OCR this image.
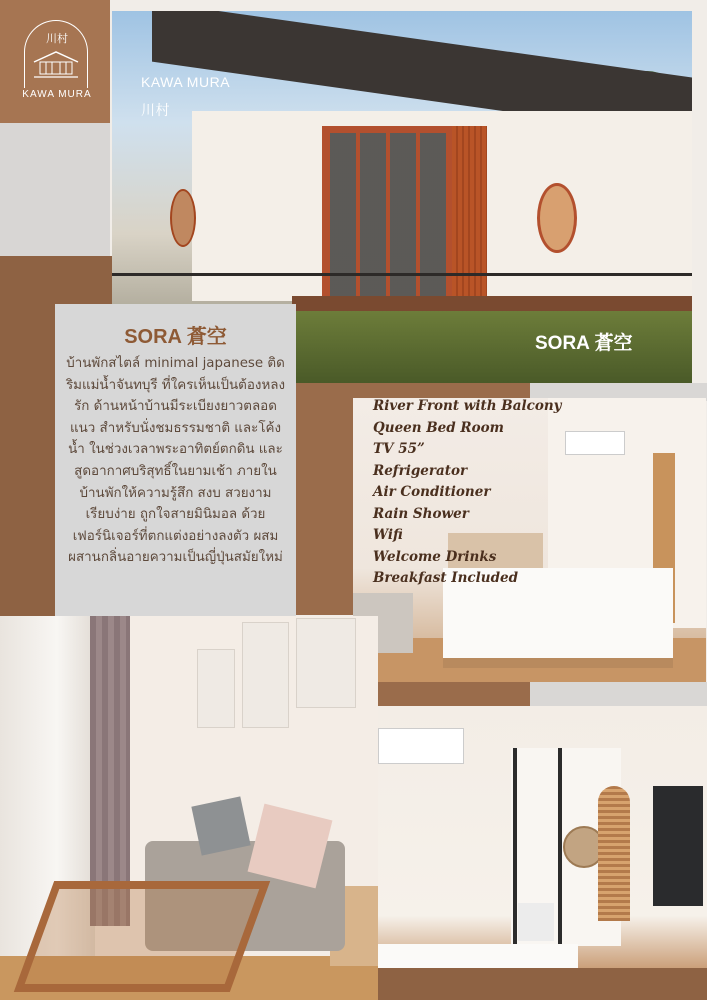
川村
KAWA MURA
KAWA MURA
川村
SORA 蒼空
SORA 蒼空

บ้านพักสไตล์ minimal japanese ติดริมแม่น้ำจันทบุรี ที่ใครเห็นเป็นต้องหลงรัก ด้านหน้าบ้านมีระเบียงยาวตลอดแนว สำหรับนั่งชมธรรมชาติ และโค้งน้ำ ในช่วงเวลาพระอาทิตย์ตกดิน และสูดอากาศบริสุทธิ์ในยามเช้า ภายในบ้านพักให้ความรู้สึก สงบ สวยงาม เรียบง่าย ถูกใจสายมินิมอล ด้วยเฟอร์นิเจอร์ที่ตกแต่งอย่างลงตัว ผสมผสานกลิ่นอายความเป็นญี่ปุ่นสมัยใหม่

River Front with Balcony
Queen Bed Room
TV 55”
Refrigerator
Air Conditioner
Rain Shower
Wifi
Welcome Drinks
Breakfast Included
